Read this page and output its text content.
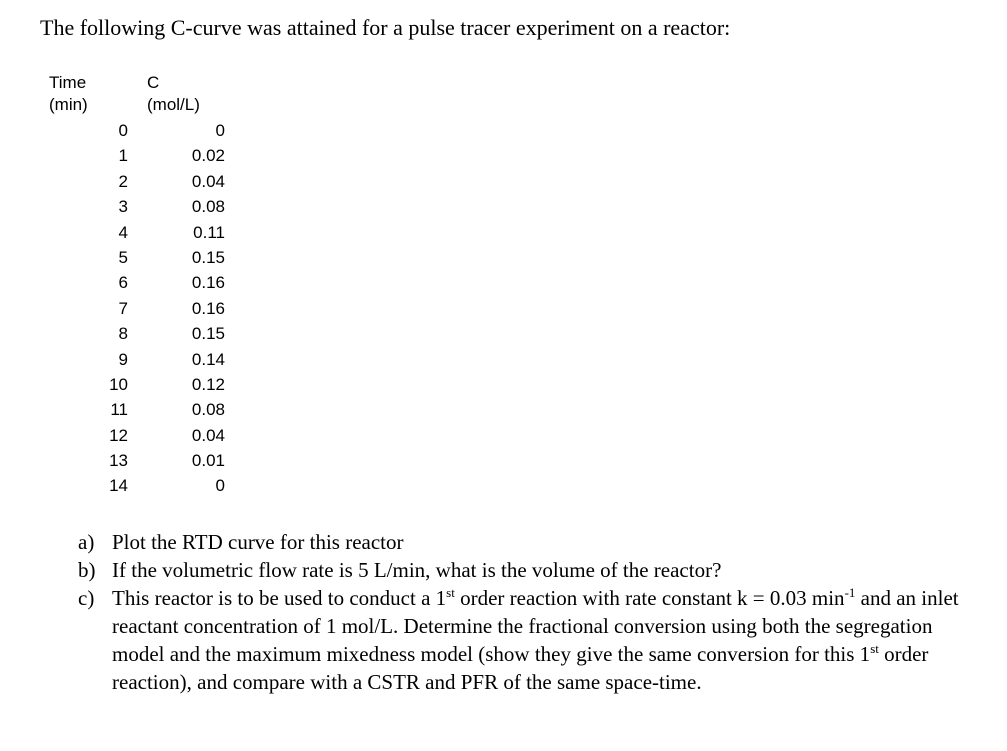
The following C-curve was attained for a pulse tracer experiment on a reactor:

Time
(min)
C
(mol/L)
0
1
2
3
4
5
6
7
8
9
10
11
12
13
14
0
0.02
0.04
0.08
0.11
0.15
0.16
0.16
0.15
0.14
0.12
0.08
0.04
0.01
0
a) Plot the RTD curve for this reactor
b) If the volumetric flow rate is 5 L/min, what is the volume of the reactor?
c) This reactor is to be used to conduct a 1st order reaction with rate constant k = 0.03 $\min^{-1}$ and an inlet reactant concentration of 1 mol/L. Determine the fractional conversion using both the segregation model and the maximum mixedness model (show they give the same conversion for this 1st order reaction), and compare with a CSTR and PFR of the same space-time.
